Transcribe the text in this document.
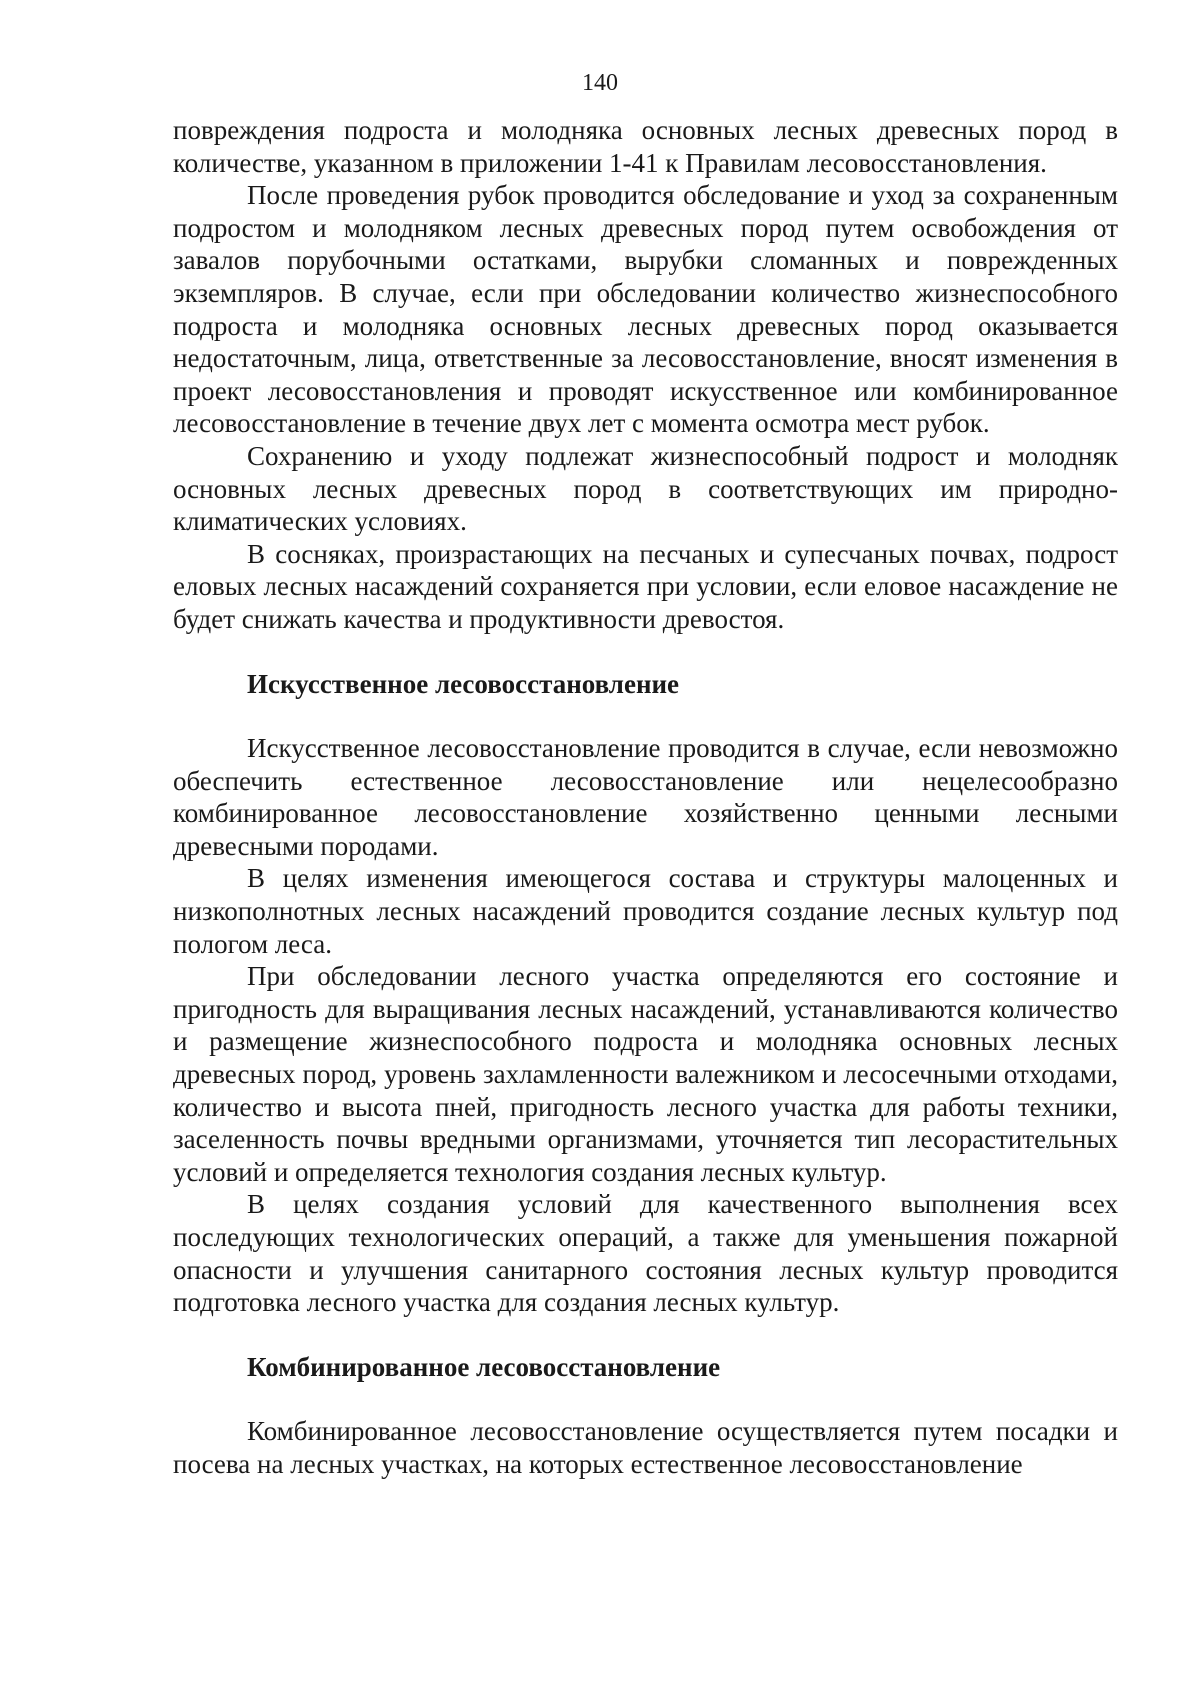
140

повреждения подроста и молодняка основных лесных древесных пород в количестве, указанном в приложении 1-41 к Правилам лесовосстановления.

После проведения рубок проводится обследование и уход за сохраненным подростом и молодняком лесных древесных пород путем освобождения от завалов порубочными остатками, вырубки сломанных и поврежденных экземпляров. В случае, если при обследовании количество жизнеспособного подроста и молодняка основных лесных древесных пород оказывается недостаточным, лица, ответственные за лесовосстановление, вносят изменения в проект лесовосстановления и проводят искусственное или комбинированное лесовосстановление в течение двух лет с момента осмотра мест рубок.

Сохранению и уходу подлежат жизнеспособный подрост и молодняк основных лесных древесных пород в соответствующих им природно-климатических условиях.

В сосняках, произрастающих на песчаных и супесчаных почвах, подрост еловых лесных насаждений сохраняется при условии, если еловое насаждение не будет снижать качества и продуктивности древостоя.

Искусственное лесовосстановление

Искусственное лесовосстановление проводится в случае, если невозможно обеспечить естественное лесовосстановление или нецелесообразно комбинированное лесовосстановление хозяйственно ценными лесными древесными породами.

В целях изменения имеющегося состава и структуры малоценных и низкополнотных лесных насаждений проводится создание лесных культур под пологом леса.

При обследовании лесного участка определяются его состояние и пригодность для выращивания лесных насаждений, устанавливаются количество и размещение жизнеспособного подроста и молодняка основных лесных древесных пород, уровень захламленности валежником и лесосечными отходами, количество и высота пней, пригодность лесного участка для работы техники, заселенность почвы вредными организмами, уточняется тип лесорастительных условий и определяется технология создания лесных культур.

В целях создания условий для качественного выполнения всех последующих технологических операций, а также для уменьшения пожарной опасности и улучшения санитарного состояния лесных культур проводится подготовка лесного участка для создания лесных культур.

Комбинированное лесовосстановление

Комбинированное лесовосстановление осуществляется путем посадки и посева на лесных участках, на которых естественное лесовосстановление
